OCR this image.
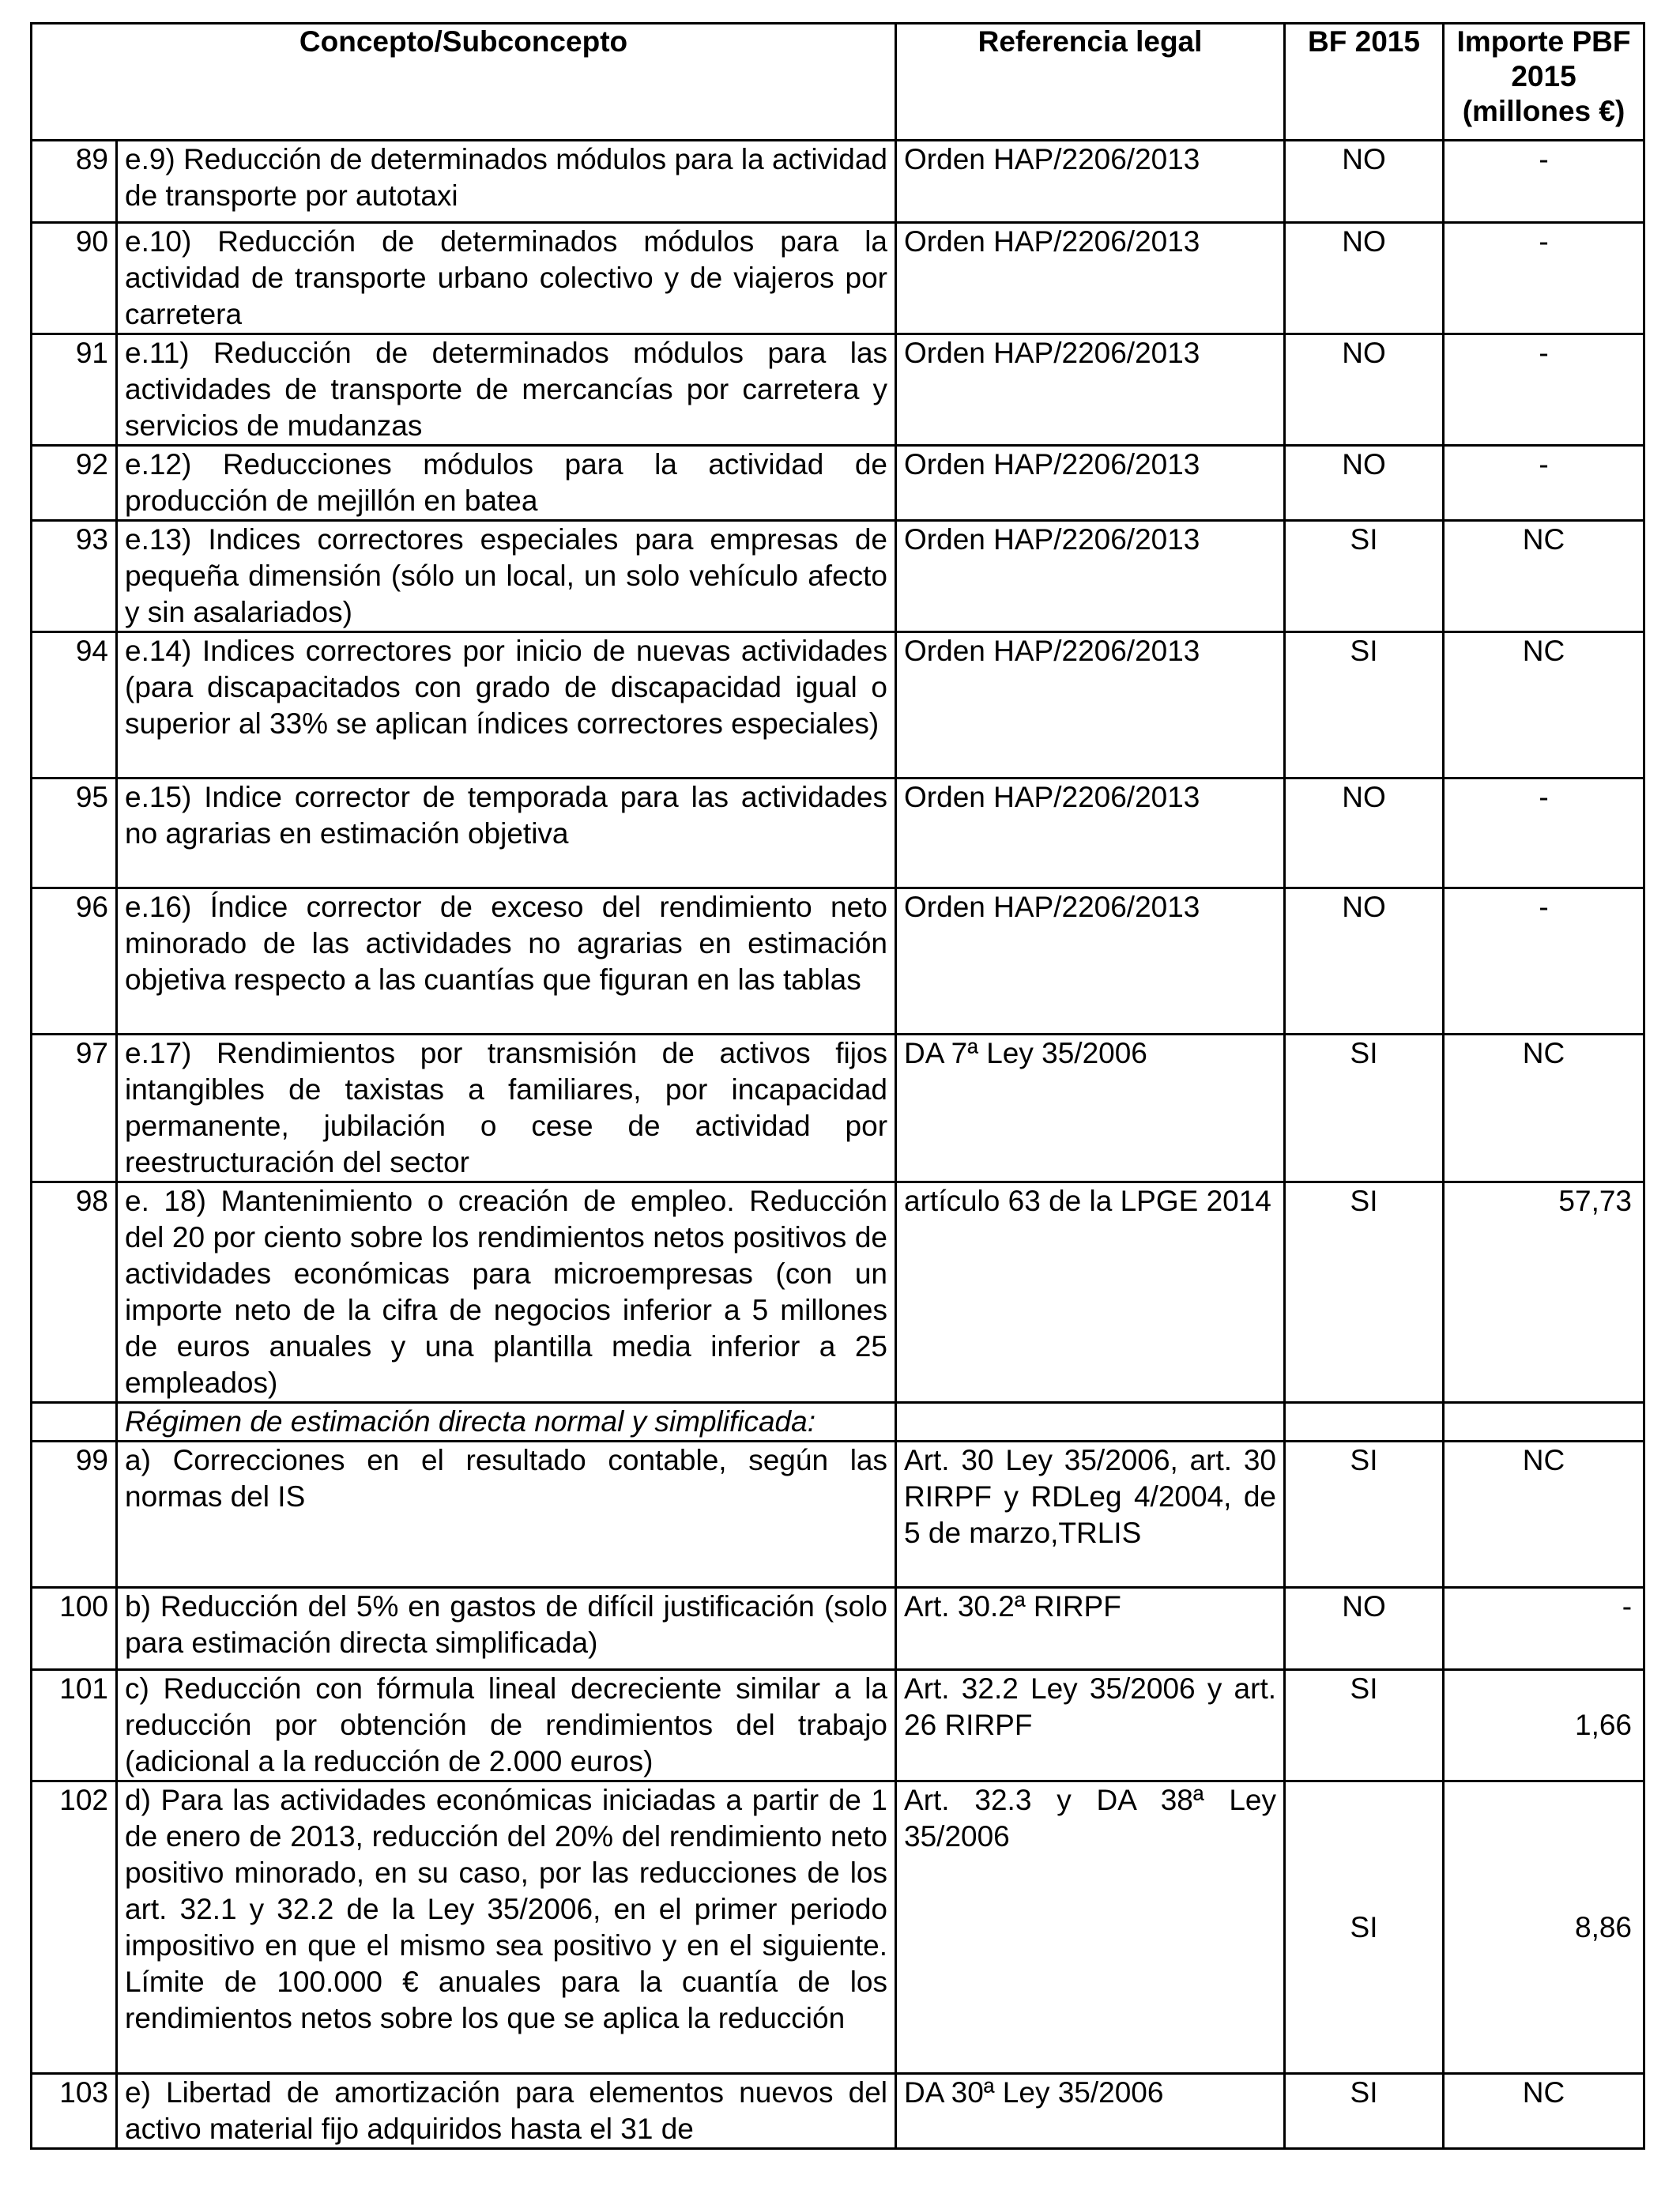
Concepto/Subconcepto		Referencia legal	BF 2015	Importe PBF 2015 (millones €)
89	e.9) Reducción de determinados módulos para la actividad de transporte por autotaxi	Orden HAP/2206/2013	NO	-
90	e.10) Reducción de determinados módulos para la actividad de transporte urbano colectivo y de viajeros por carretera	Orden HAP/2206/2013	NO	-
91	e.11) Reducción de determinados módulos para las actividades de transporte de mercancías por carretera y servicios de mudanzas	Orden HAP/2206/2013	NO	-
92	e.12) Reducciones módulos para la actividad de producción de mejillón en batea	Orden HAP/2206/2013	NO	-
93	e.13) Indices correctores especiales para empresas de pequeña dimensión (sólo un local, un solo vehículo afecto y sin asalariados)	Orden HAP/2206/2013	SI	NC
94	e.14) Indices correctores por inicio de nuevas actividades (para discapacitados con grado de discapacidad igual o superior al 33% se aplican índices correctores especiales)	Orden HAP/2206/2013	SI	NC
95	e.15) Indice corrector de temporada para las actividades no agrarias en estimación objetiva	Orden HAP/2206/2013	NO	-
96	e.16) Índice corrector de exceso del rendimiento neto minorado de las actividades no agrarias en estimación objetiva respecto a las cuantías que figuran en las tablas	Orden HAP/2206/2013	NO	-
97	e.17) Rendimientos por transmisión de activos fijos intangibles de taxistas a familiares, por incapacidad permanente, jubilación o cese de actividad por reestructuración del sector	DA 7ª Ley 35/2006	SI	NC
98	e. 18) Mantenimiento o creación de empleo. Reducción del 20 por ciento sobre los rendimientos netos positivos de actividades económicas para microempresas (con un importe neto de la cifra de negocios inferior a 5 millones de euros anuales y una plantilla media inferior a 25 empleados)	artículo 63 de la LPGE 2014	SI	57,73
	Régimen de estimación directa normal y simplificada:			
99	a) Correcciones en el resultado contable, según las normas del IS	Art. 30 Ley 35/2006, art. 30 RIRPF y RDLeg 4/2004, de 5 de marzo,TRLIS	SI	NC
100	b) Reducción del 5% en gastos de difícil justificación (solo para estimación directa simplificada)	Art. 30.2ª RIRPF	NO	-
101	c) Reducción con fórmula lineal decreciente similar a la reducción por obtención de rendimientos del trabajo (adicional a la reducción de 2.000 euros)	Art. 32.2 Ley 35/2006 y art. 26 RIRPF	SI	1,66
102	d) Para las actividades económicas iniciadas a partir de 1 de enero de 2013, reducción del 20% del rendimiento neto positivo minorado, en su caso, por las reducciones de los art. 32.1 y 32.2 de la Ley 35/2006, en el primer periodo impositivo en que el mismo sea positivo y en el siguiente. Límite de 100.000 € anuales para la cuantía de los rendimientos netos sobre los que se aplica la reducción	Art. 32.3 y DA 38ª Ley 35/2006	SI	8,86
103	e) Libertad de amortización para elementos nuevos del activo material fijo adquiridos hasta el 31 de	DA 30ª Ley 35/2006	SI	NC
